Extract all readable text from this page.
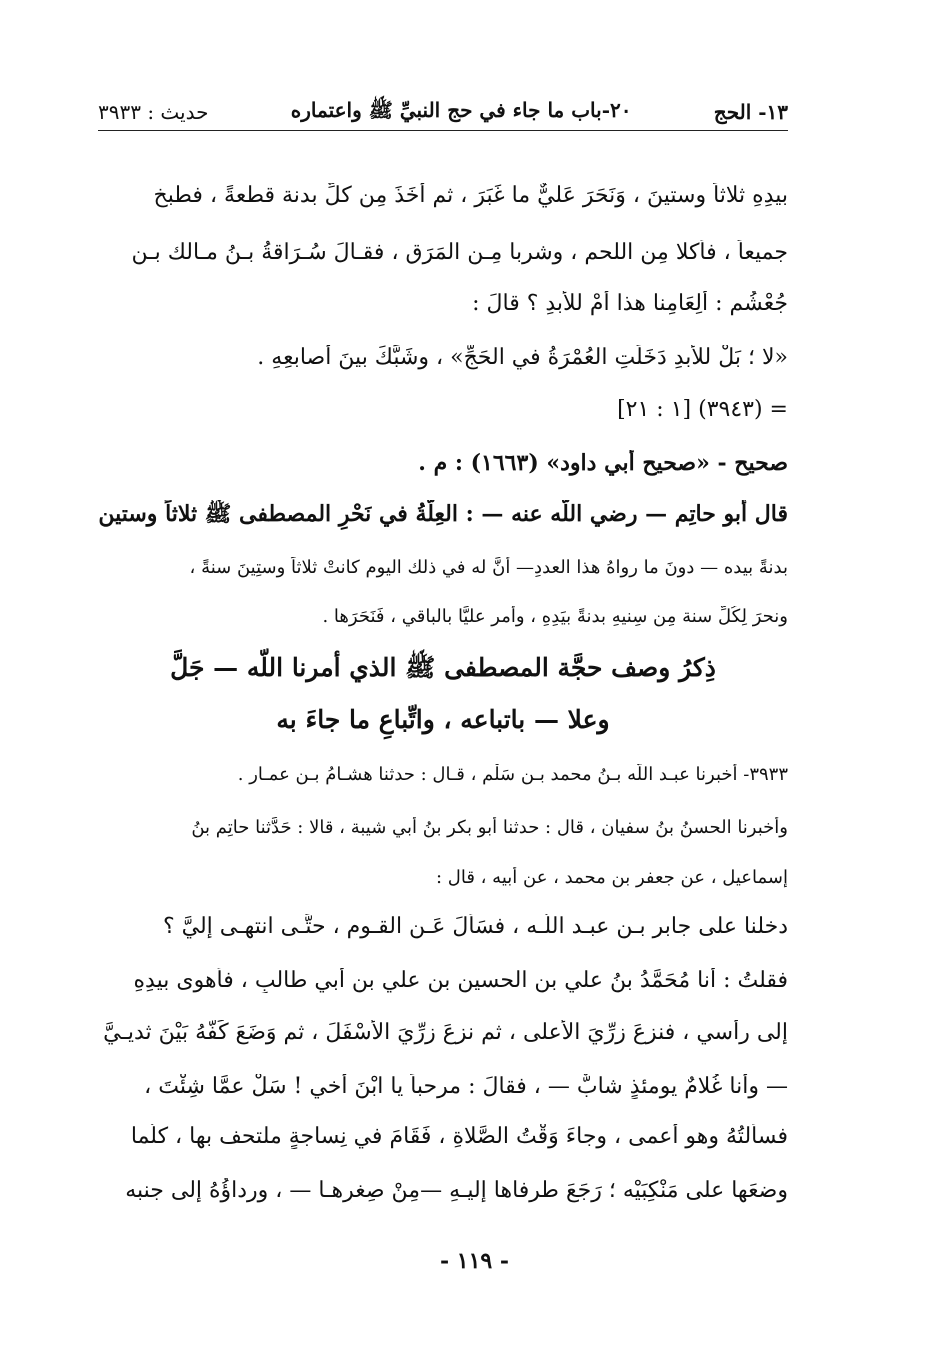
١٣- الحج
٢٠-باب ما جاء في حج النبيِّ ﷺ واعتماره
حديث : ٣٩٣٣
بيدِهِ ثلاثاً وستينَ ، وَنَحَرَ عَليٌّ ما غَبَرَ ، ثم أَخَذَ مِن كلِّ بدنة قطعةً ، فطبخ
جميعاً ، فأكلا مِن اللحم ، وشربا مِـن المَرَقِ ، فقـالَ سُـرَاقةُ بـنُ مـالك بـن
جُعْشُم : أَلِعَامِنا هذا أَمْ للأبدِ ؟ قالَ :
«لا ؛ بَلْ للأبدِ دَخَلَتِ العُمْرَةُ في الحَجِّ» ، وشَبَّكَ بينَ أصابعِهِ .
= (٣٩٤٣) [١ : ٢١]
صحيح - «صحيح أبي داود» (١٦٦٣) : م .
قال أبو حاتِم — رضي اللّه عنه — : العِلَّةُ في نَحْرِ المصطفى ﷺ ثلاثاً وستين
بدنةً بيده — دونَ ما رواهُ هذا العددِ— أنَّ له في ذلك اليوم كانتْ ثلاثاً وستِينَ سنةً ،
ونحرَ لِكُلِّ سنة مِن سِنيهِ بدنةً بيَدِهِ ، وأمر عليًّا بالباقي ، فَنَحَرَها .
ذِكرُ وصف حجَّة المصطفى ﷺ الذي أمرنا اللّه — جَلَّ
وعلا — باتباعه ، واتِّباعِ ما جاءَ به
٣٩٣٣- أخبرنا عبـد اللّه بـنُ محمد بـنِ سَلْمٍ ، قـال : حدثنا هشـامُ بـنِ عمـار .
وأخبرنا الحسنُ بنُ سفيان ، قال : حدثنا أبو بكر بنُ أبي شيبة ، قالا : حَدَّثنا حاتِم بنُ
إسماعيل ، عن جعفر بن محمد ، عن أبيه ، قال :
دخلنا على جابرِ بـنِ عبـد اللّـه ، فسَأَلَ عَـنِ القـومِ ، حتَّـى انتهـى إليَّ ؟
فقلتُ : أنا مُحَمَّدُ بنُ علي بنِ الحسين بن علي بن أبي طالبٍ ، فأهوى بيدِهِ
إلى رأسي ، فنزعَ زرِّيَ الأعلى ، ثم نزعَ زرِّيَ الأَسْفَلَ ، ثم وَضَعَ كَفَّهُ بَيْنَ ثديـيَّ
— وأنا غُلامٌ يومئذٍ شابٌّ — ، فقالَ : مرحباً يا ابْنَ أخي ! سَلْ عمَّا شِئْتَ ،
فسألتُهُ وهو أعمى ، وجاءَ وَقْتُ الصَّلاةِ ، فَقَامَ في نِساجةٍ ملتحف بها ، كلَّما
وضعَها على مَنْكِبَيْه ؛ رَجَعَ طرفاها إليـهِ —مِنْ صِغرِهـا — ، ورداؤُهُ إلى جنبه
- ١١٩ -
